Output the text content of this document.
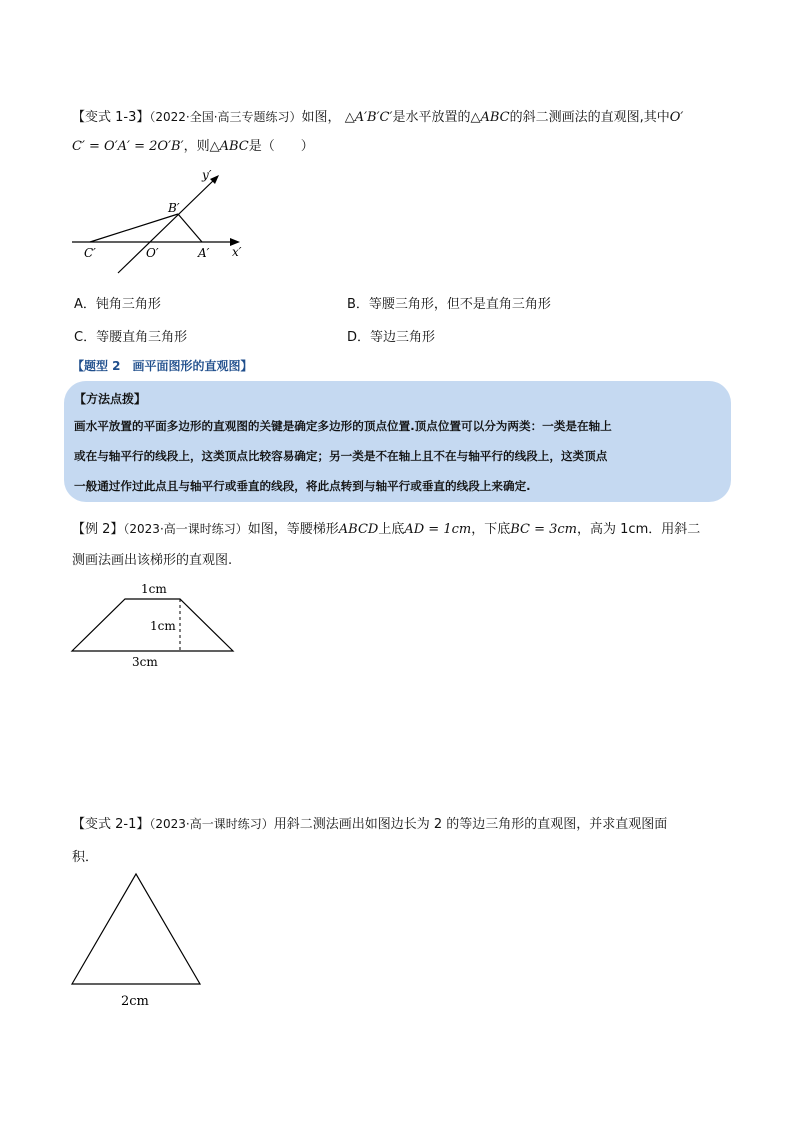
【变式 1-3】（2022·全国·高三专题练习）如图， △A′B′C′是水平放置的△ABC的斜二测画法的直观图,其中O′
C′ = O′A′ = 2O′B′，则△ABC是（　　）
y′
x′
B′
C′	O′	A′
A．钝角三角形	B．等腰三角形，但不是直角三角形
C．等腰直角三角形	D．等边三角形
【题型 2 画平面图形的直观图】
【方法点拨】
画水平放置的平面多边形的直观图的关键是确定多边形的顶点位置.顶点位置可以分为两类：一类是在轴上
或在与轴平行的线段上，这类顶点比较容易确定；另一类是不在轴上且不在与轴平行的线段上，这类顶点
一般通过作过此点且与轴平行或垂直的线段，将此点转到与轴平行或垂直的线段上来确定.
【例 2】（2023·高一课时练习）如图，等腰梯形ABCD上底AD = 1cm，下底BC = 3cm，高为 1cm．用斜二
测画法画出该梯形的直观图.
1cm
1cm
3cm
【变式 2-1】（2023·高一课时练习）用斜二测法画出如图边长为 2 的等边三角形的直观图，并求直观图面
积．
2cm
